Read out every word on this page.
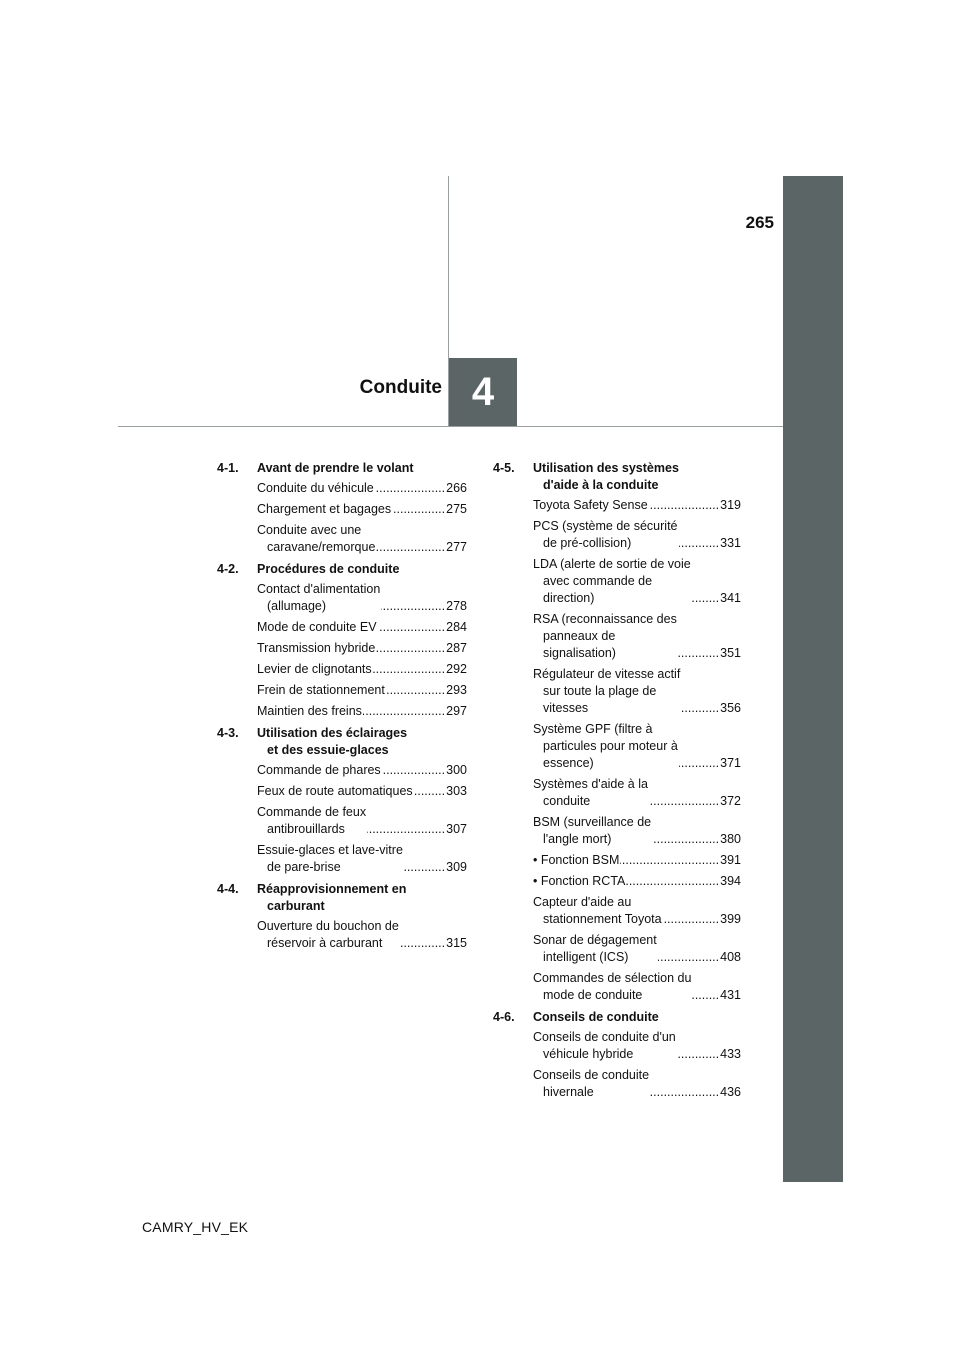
265
Conduite 4
4-1.	Avant de prendre le volant
Conduite du véhicule .....	266
Chargement et bagages .....	275
Conduite avec une
caravane/remorque .....	277
4-2.	Procédures de conduite
Contact d'alimentation
(allumage) .....	278
Mode de conduite EV .....	284
Transmission hybride .....	287
Levier de clignotants .....	292
Frein de stationnement .....	293
Maintien des freins .....	297
4-3.	Utilisation des éclairages
et des essuie-glaces
Commande de phares .....	300
Feux de route automatiques .....	303
Commande de feux
antibrouillards .....	307
Essuie-glaces et lave-vitre
de pare-brise .....	309
4-4.	Réapprovisionnement en
carburant
Ouverture du bouchon de
réservoir à carburant .....	315
4-5.	Utilisation des systèmes
d'aide à la conduite
Toyota Safety Sense .....	319
PCS (système de sécurité
de pré-collision) .....	331
LDA (alerte de sortie de voie
avec commande de
direction) .....	341
RSA (reconnaissance des
panneaux de
signalisation) .....	351
Régulateur de vitesse actif
sur toute la plage de
vitesses .....	356
Système GPF (filtre à
particules pour moteur à
essence) .....	371
Systèmes d'aide à la
conduite .....	372
BSM (surveillance de
l'angle mort) .....	380
• Fonction BSM .....	391
• Fonction RCTA .....	394
Capteur d'aide au
stationnement Toyota .....	399
Sonar de dégagement
intelligent (ICS) .....	408
Commandes de sélection du
mode de conduite .....	431
4-6.	Conseils de conduite
Conseils de conduite d'un
véhicule hybride .....	433
Conseils de conduite
hivernale .....	436
CAMRY_HV_EK
